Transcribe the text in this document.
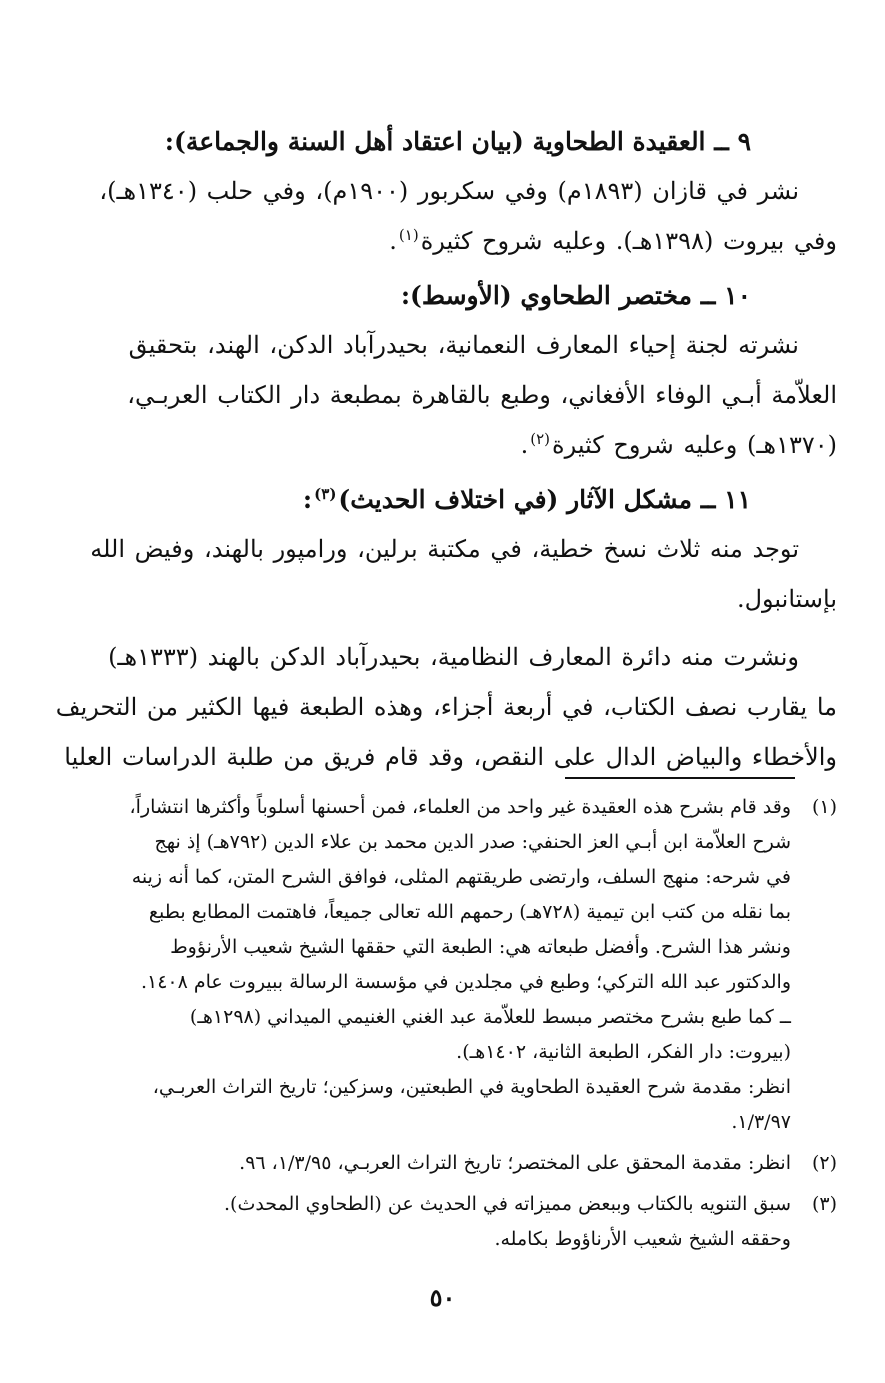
٩ ــ العقيدة الطحاوية (بيان اعتقاد أهل السنة والجماعة):

نشر في قازان (١٨٩٣م) وفي سكربور (١٩٠٠م)، وفي حلب (١٣٤٠هـ)،

وفي بيروت (١٣٩٨هـ). وعليه شروح كثيرة$^{(١)}$.

١٠ ــ مختصر الطحاوي (الأوسط):

نشرته لجنة إحياء المعارف النعمانية، بحيدرآباد الدكن، الهند، بتحقيق

العلاّمة أبـي الوفاء الأفغاني، وطبع بالقاهرة بمطبعة دار الكتاب العربـي،

(١٣٧٠هـ) وعليه شروح كثيرة$^{(٢)}$.

١١ ــ مشكل الآثار (في اختلاف الحديث)$^{(٣)}$:

توجد منه ثلاث نسخ خطية، في مكتبة برلين، ورامپور بالهند، وفيض الله

بإستانبول.

ونشرت منه دائرة المعارف النظامية، بحيدرآباد الدكن بالهند (١٣٣٣هـ)

ما يقارب نصف الكتاب، في أربعة أجزاء، وهذه الطبعة فيها الكثير من التحريف

والأخطاء والبياض الدال على النقص، وقد قام فريق من طلبة الدراسات العليا

(١)

وقد قام بشرح هذه العقيدة غير واحد من العلماء، فمن أحسنها أسلوباً وأكثرها انتشاراً،

شرح العلاّمة ابن أبـي العز الحنفي: صدر الدين محمد بن علاء الدين (٧٩٢هـ) إذ نهج

في شرحه: منهج السلف، وارتضى طريقتهم المثلى، فوافق الشرح المتن، كما أنه زينه

بما نقله من كتب ابن تيمية (٧٢٨هـ) رحمهم الله تعالى جميعاً، فاهتمت المطابع بطبع

ونشر هذا الشرح. وأفضل طبعاته هي: الطبعة التي حققها الشيخ شعيب الأرنؤوط

والدكتور عبد الله التركي؛ وطبع في مجلدين في مؤسسة الرسالة ببيروت عام ١٤٠٨.

ــ كما طبع بشرح مختصر مبسط للعلاّمة عبد الغني الغنيمي الميداني (١٢٩٨هـ)

(بيروت: دار الفكر، الطبعة الثانية، ١٤٠٢هـ).

انظر: مقدمة شرح العقيدة الطحاوية في الطبعتين، وسزكين؛ تاريخ التراث العربـي،

١/٣/٩٧.

(٢)

انظر: مقدمة المحقق على المختصر؛ تاريخ التراث العربـي، ١/٣/٩٥، ٩٦.

(٣)

سبق التنويه بالكتاب وببعض مميزاته في الحديث عن (الطحاوي المحدث).

وحققه الشيخ شعيب الأرناؤوط بكامله.

٥٠
